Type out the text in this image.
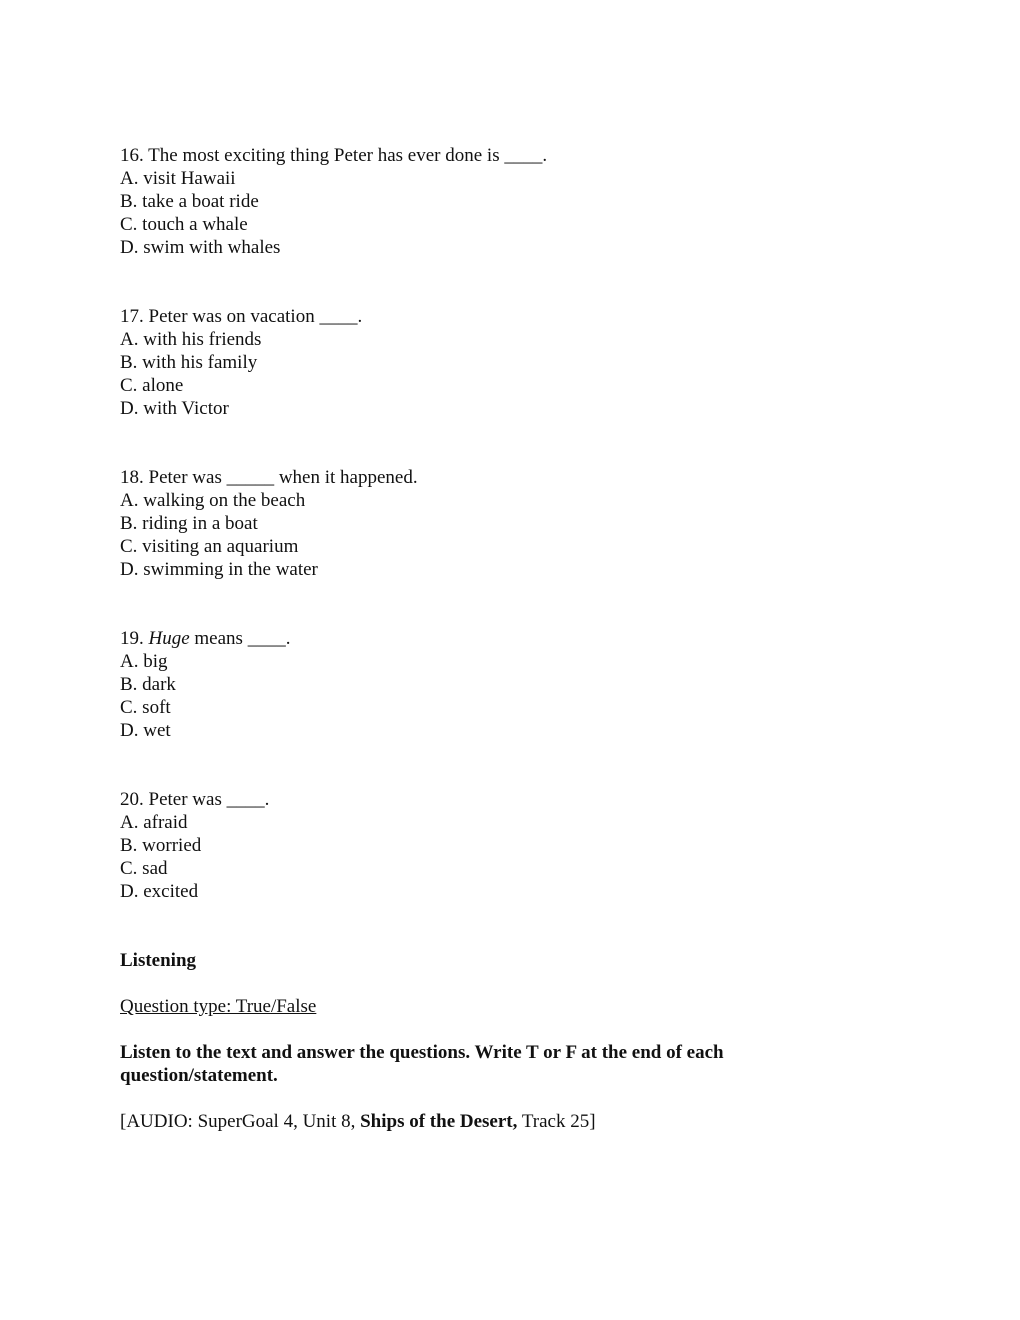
16. The most exciting thing Peter has ever done is ____.
A. visit Hawaii
B. take a boat ride
C. touch a whale
D. swim with whales
17. Peter was on vacation ____.
A. with his friends
B. with his family
C. alone
D. with Victor
18. Peter was _____ when it happened.
A. walking on the beach
B. riding in a boat
C. visiting an aquarium
D. swimming in the water
19. Huge means ____.
A. big
B. dark
C. soft
D. wet
20. Peter was ____.
A. afraid
B. worried
C. sad
D. excited
Listening
Question type: True/False
Listen to the text and answer the questions. Write T or F at the end of each question/statement.
[AUDIO: SuperGoal 4, Unit 8, Ships of the Desert, Track 25]
